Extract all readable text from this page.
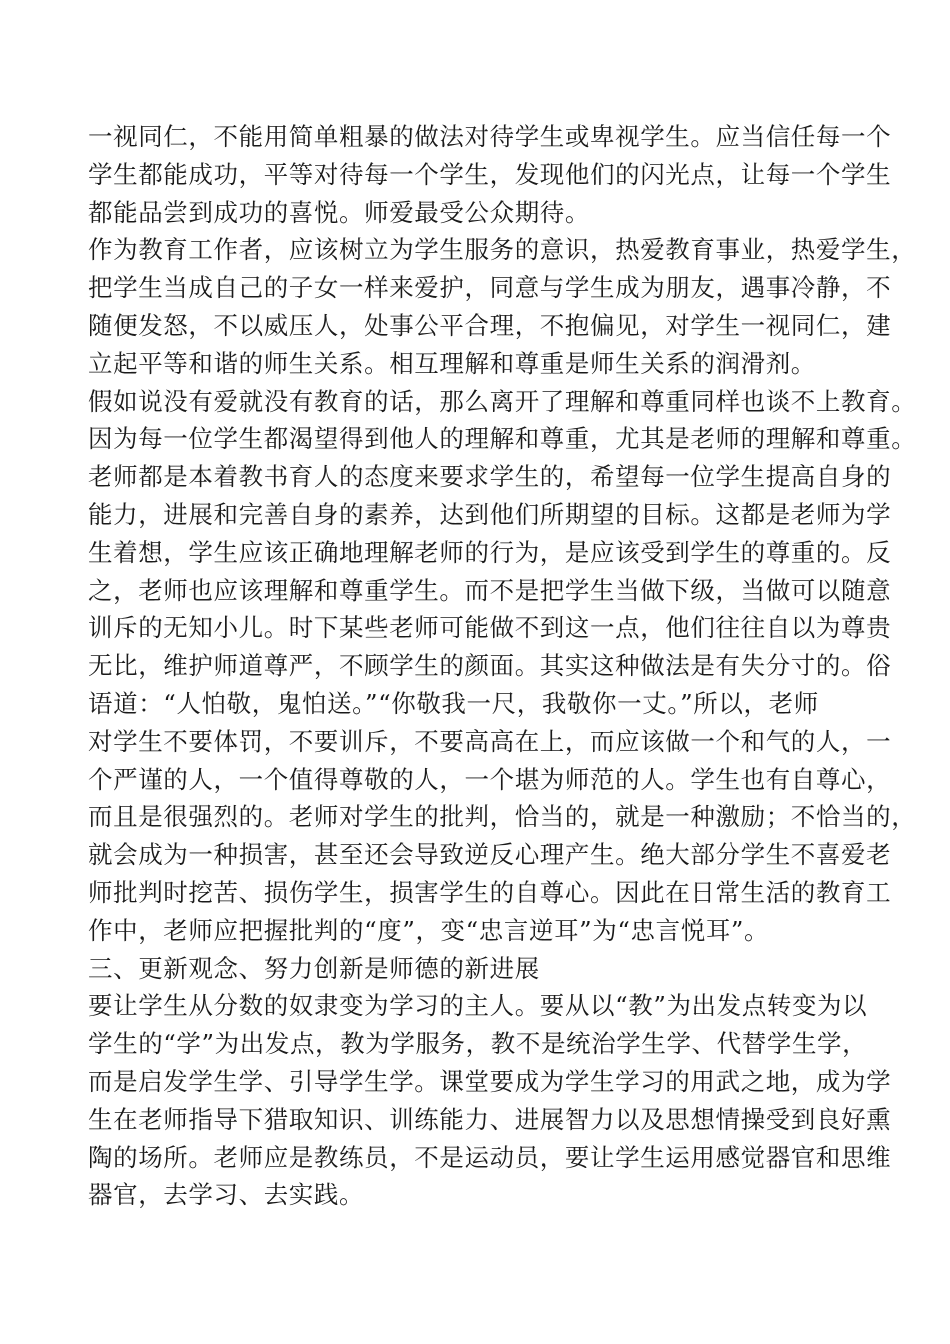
一视同仁，不能用简单粗暴的做法对待学生或卑视学生。应当信任每一个
学生都能成功，平等对待每一个学生，发现他们的闪光点，让每一个学生
都能品尝到成功的喜悦。师爱最受公众期待。
作为教育工作者，应该树立为学生服务的意识，热爱教育事业，热爱学生，
把学生当成自己的子女一样来爱护，同意与学生成为朋友，遇事冷静，不
随便发怒，不以威压人，处事公平合理，不抱偏见，对学生一视同仁，建
立起平等和谐的师生关系。相互理解和尊重是师生关系的润滑剂。
假如说没有爱就没有教育的话，那么离开了理解和尊重同样也谈不上教育。
因为每一位学生都渴望得到他人的理解和尊重，尤其是老师的理解和尊重。
老师都是本着教书育人的态度来要求学生的，希望每一位学生提高自身的
能力，进展和完善自身的素养，达到他们所期望的目标。这都是老师为学
生着想，学生应该正确地理解老师的行为，是应该受到学生的尊重的。反
之，老师也应该理解和尊重学生。而不是把学生当做下级，当做可以随意
训斥的无知小儿。时下某些老师可能做不到这一点，他们往往自以为尊贵
无比，维护师道尊严，不顾学生的颜面。其实这种做法是有失分寸的。俗
语道：“人怕敬，鬼怕送。”“你敬我一尺，我敬你一丈。”所以，老师
对学生不要体罚，不要训斥，不要高高在上，而应该做一个和气的人，一
个严谨的人，一个值得尊敬的人，一个堪为师范的人。学生也有自尊心，
而且是很强烈的。老师对学生的批判，恰当的，就是一种激励；不恰当的，
就会成为一种损害，甚至还会导致逆反心理产生。绝大部分学生不喜爱老
师批判时挖苦、损伤学生，损害学生的自尊心。因此在日常生活的教育工
作中，老师应把握批判的“度”，变“忠言逆耳”为“忠言悦耳”。
三、更新观念、努力创新是师德的新进展
要让学生从分数的奴隶变为学习的主人。要从以“教”为出发点转变为以
学生的“学”为出发点，教为学服务，教不是统治学生学、代替学生学，
而是启发学生学、引导学生学。课堂要成为学生学习的用武之地，成为学
生在老师指导下猎取知识、训练能力、进展智力以及思想情操受到良好熏
陶的场所。老师应是教练员，不是运动员，要让学生运用感觉器官和思维
器官，去学习、去实践。
